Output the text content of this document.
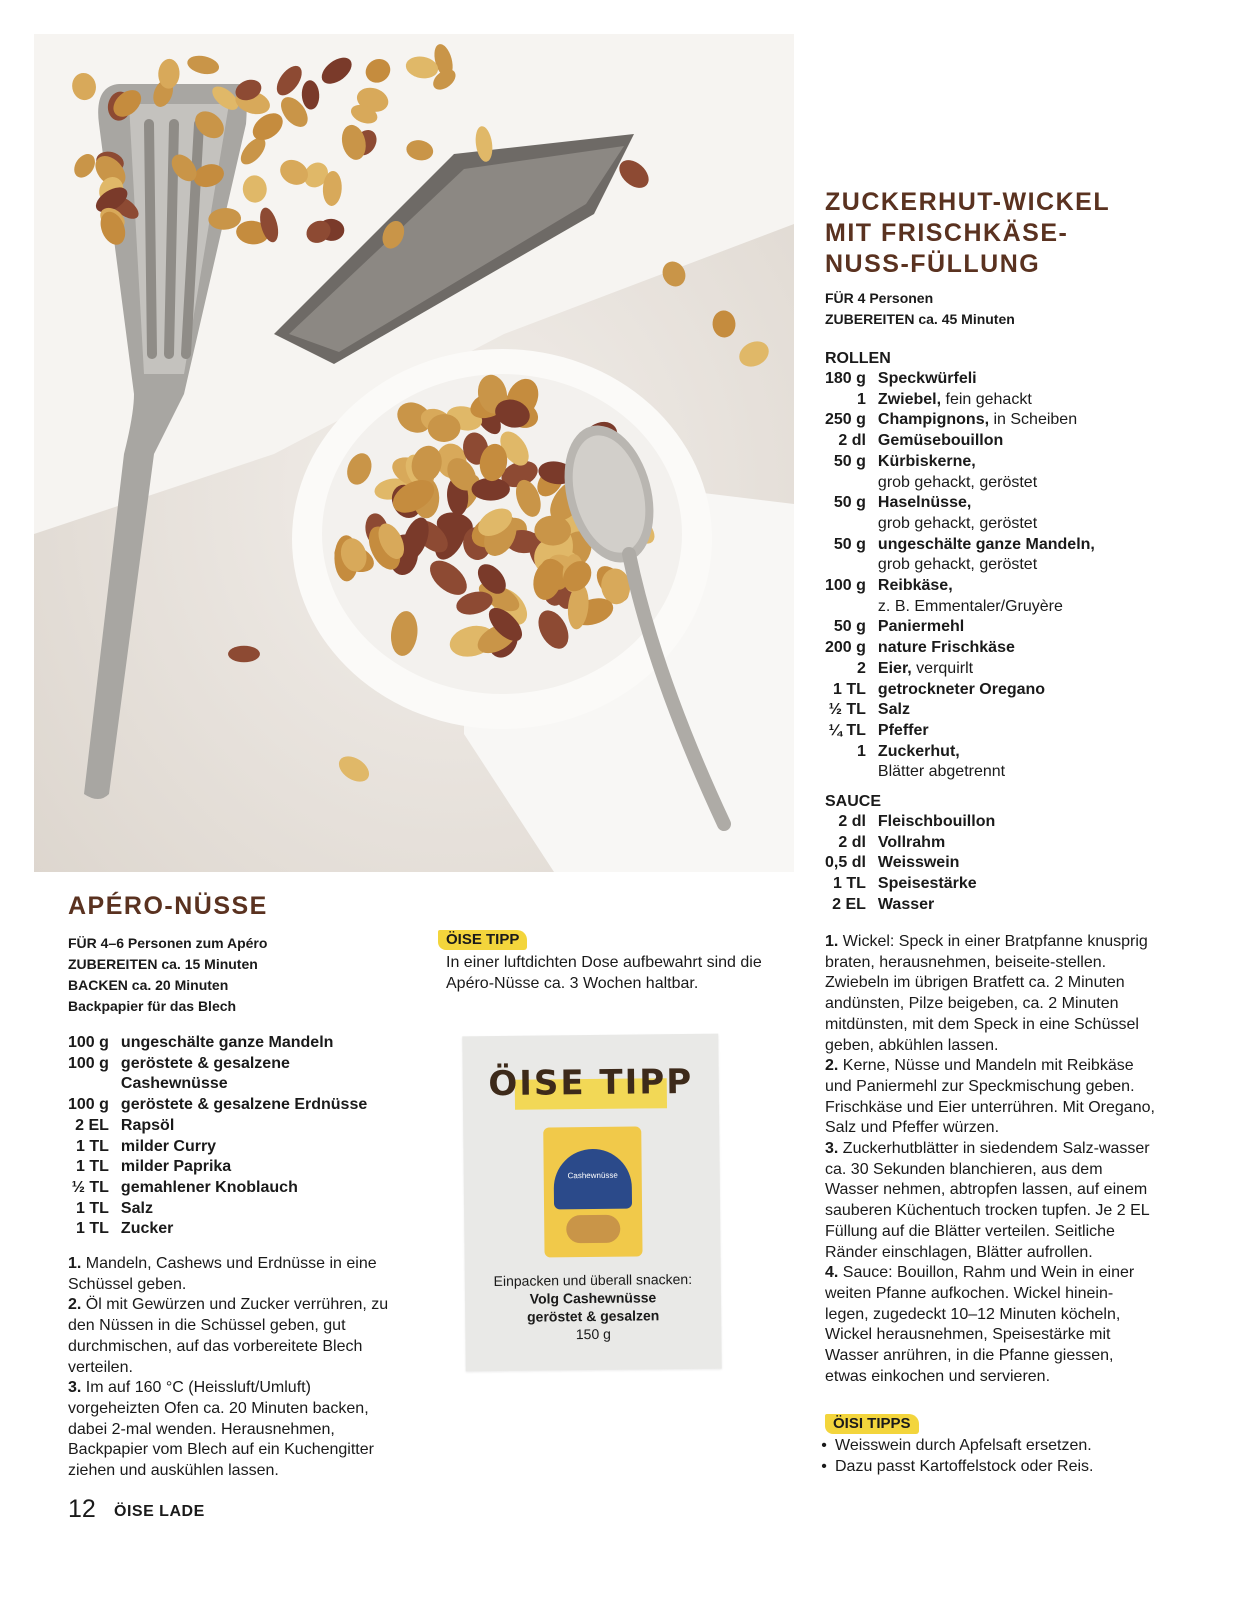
ZUCKERHUT-WICKEL
MIT FRISCHKÄSE-
NUSS-FÜLLUNG
FÜR 4 Personen
ZUBEREITEN ca. 45 Minuten
ROLLEN
180 g	Speckwürfeli
1	Zwiebel, fein gehackt
250 g	Champignons, in Scheiben
2 dl	Gemüsebouillon
50 g	Kürbiskerne,
grob gehackt, geröstet
50 g	Haselnüsse,
grob gehackt, geröstet
50 g	ungeschälte ganze Mandeln,
grob gehackt, geröstet
100 g	Reibkäse,
z. B. Emmentaler/Gruyère
50 g	Paniermehl
200 g	nature Frischkäse
2	Eier, verquirlt
1 TL	getrockneter Oregano
½ TL	Salz
¼ TL	Pfeffer
1	Zuckerhut,
Blätter abgetrennt
SAUCE
2 dl	Fleischbouillon
2 dl	Vollrahm
0,5 dl	Weisswein
1 TL	Speisestärke
2 EL	Wasser

1. Wickel: Speck in einer Bratpfanne knusprig braten, herausnehmen, beiseite-stellen. Zwiebeln im übrigen Bratfett ca. 2 Minuten andünsten, Pilze beigeben, ca. 2 Minuten mitdünsten, mit dem Speck in eine Schüssel geben, abkühlen lassen.

2. Kerne, Nüsse und Mandeln mit Reibkäse und Paniermehl zur Speckmischung geben. Frischkäse und Eier unterrühren. Mit Oregano, Salz und Pfeffer würzen.

3. Zuckerhutblätter in siedendem Salz-wasser ca. 30 Sekunden blanchieren, aus dem Wasser nehmen, abtropfen lassen, auf einem sauberen Küchentuch trocken tupfen. Je 2 EL Füllung auf die Blätter verteilen. Seitliche Ränder einschlagen, Blätter aufrollen.

4. Sauce: Bouillon, Rahm und Wein in einer weiten Pfanne aufkochen. Wickel hinein-legen, zugedeckt 10–12 Minuten köcheln, Wickel herausnehmen, Speisestärke mit Wasser anrühren, in die Pfanne giessen, etwas einkochen und servieren.

ÖISI TIPPS
• Weisswein durch Apfelsaft ersetzen.
• Dazu passt Kartoffelstock oder Reis.
APÉRO-NÜSSE
FÜR 4–6 Personen zum Apéro
ZUBEREITEN ca. 15 Minuten
BACKEN ca. 20 Minuten
Backpapier für das Blech
100 g	ungeschälte ganze Mandeln
100 g	geröstete & gesalzene
Cashewnüsse
100 g	geröstete & gesalzene Erdnüsse
2 EL	Rapsöl
1 TL	milder Curry
1 TL	milder Paprika
½ TL	gemahlener Knoblauch
1 TL	Salz
1 TL	Zucker

1. Mandeln, Cashews und Erdnüsse in eine Schüssel geben.

2. Öl mit Gewürzen und Zucker verrühren, zu den Nüssen in die Schüssel geben, gut durchmischen, auf das vorbereitete Blech verteilen.

3. Im auf 160 °C (Heissluft/Umluft) vorgeheizten Ofen ca. 20 Minuten backen, dabei 2-mal wenden. Herausnehmen, Backpapier vom Blech auf ein Kuchengitter ziehen und auskühlen lassen.

ÖISE TIPP
In einer luftdichten Dose aufbewahrt sind die Apéro-Nüsse ca. 3 Wochen haltbar.
ÖISE TIPP
Cashewnüsse
Einpacken und überall snacken:
Volg Cashewnüsse
geröstet & gesalzen
150 g
12 ÖISE LADE
